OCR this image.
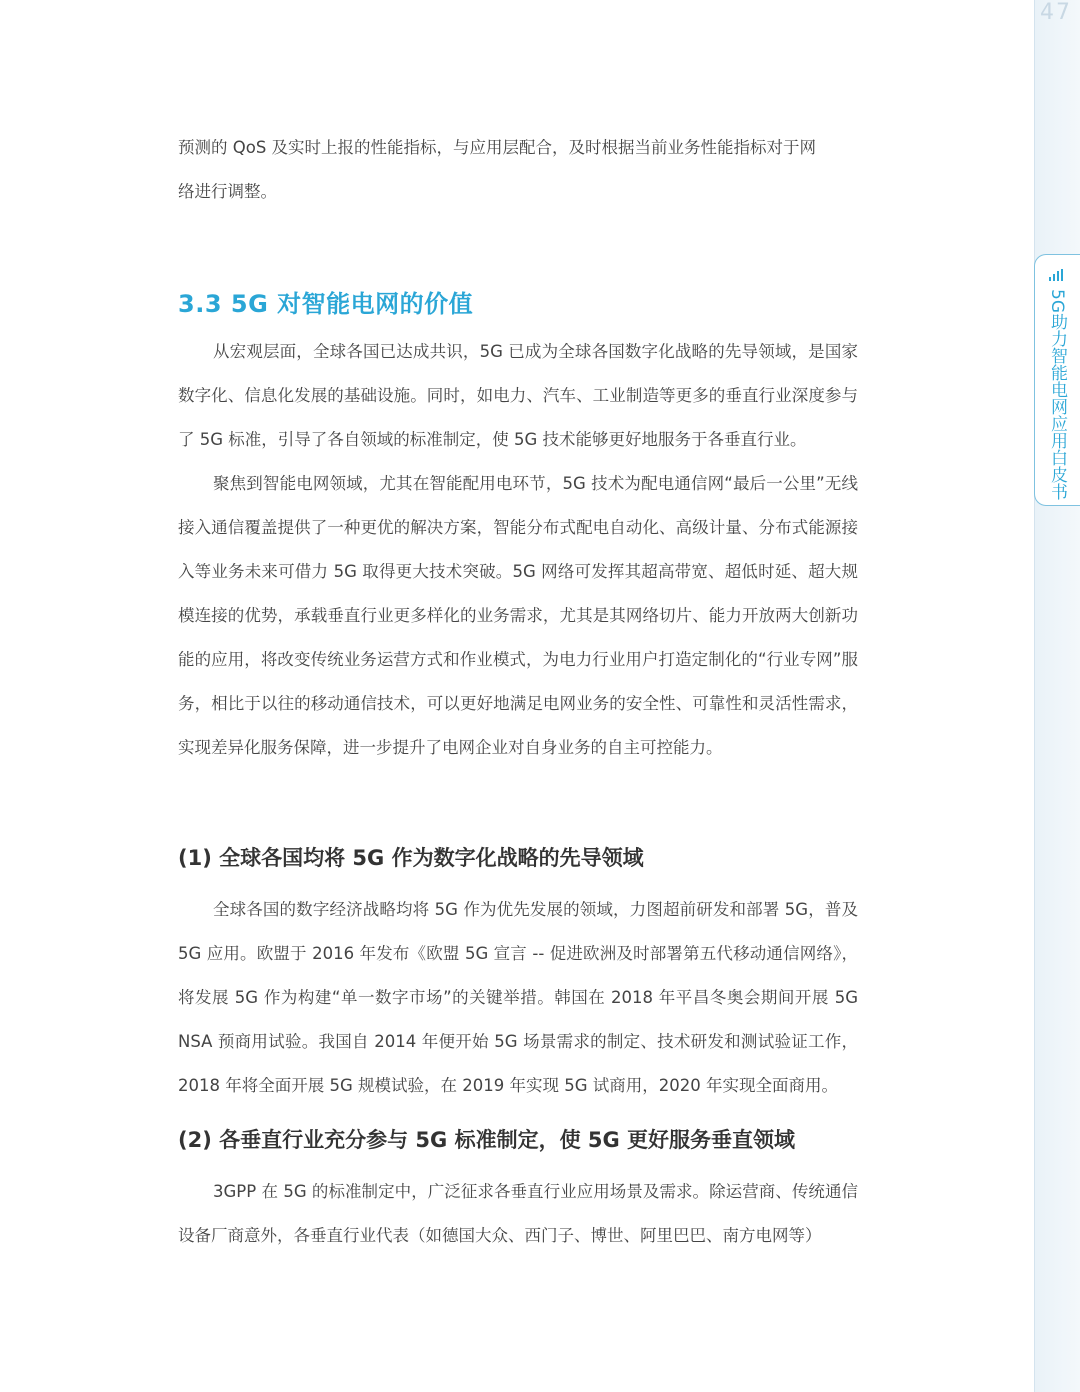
47
5G助力智能电网应用白皮书

预测的 QoS 及实时上报的性能指标，与应用层配合，及时根据当前业务性能指标对于网

络进行调整。

3.3 5G 对智能电网的价值

从宏观层面，全球各国已达成共识，5G 已成为全球各国数字化战略的先导领域，是国家数字化、信息化发展的基础设施。同时，如电力、汽车、工业制造等更多的垂直行业深度参与了 5G 标准，引导了各自领域的标准制定，使 5G 技术能够更好地服务于各垂直行业。

聚焦到智能电网领域，尤其在智能配用电环节，5G 技术为配电通信网“最后一公里”无线接入通信覆盖提供了一种更优的解决方案，智能分布式配电自动化、高级计量、分布式能源接入等业务未来可借力 5G 取得更大技术突破。5G 网络可发挥其超高带宽、超低时延、超大规模连接的优势，承载垂直行业更多样化的业务需求，尤其是其网络切片、能力开放两大创新功能的应用，将改变传统业务运营方式和作业模式，为电力行业用户打造定制化的“行业专网”服务，相比于以往的移动通信技术，可以更好地满足电网业务的安全性、可靠性和灵活性需求，实现差异化服务保障，进一步提升了电网企业对自身业务的自主可控能力。

(1) 全球各国均将 5G 作为数字化战略的先导领域

全球各国的数字经济战略均将 5G 作为优先发展的领域，力图超前研发和部署 5G，普及 5G 应用。欧盟于 2016 年发布《欧盟 5G 宣言 -- 促进欧洲及时部署第五代移动通信网络》，将发展 5G 作为构建“单一数字市场”的关键举措。韩国在 2018 年平昌冬奥会期间开展 5G NSA 预商用试验。我国自 2014 年便开始 5G 场景需求的制定、技术研发和测试验证工作，2018 年将全面开展 5G 规模试验，在 2019 年实现 5G 试商用，2020 年实现全面商用。

(2) 各垂直行业充分参与 5G 标准制定，使 5G 更好服务垂直领域

3GPP 在 5G 的标准制定中，广泛征求各垂直行业应用场景及需求。除运营商、传统通信设备厂商意外，各垂直行业代表（如德国大众、西门子、博世、阿里巴巴、南方电网等）
